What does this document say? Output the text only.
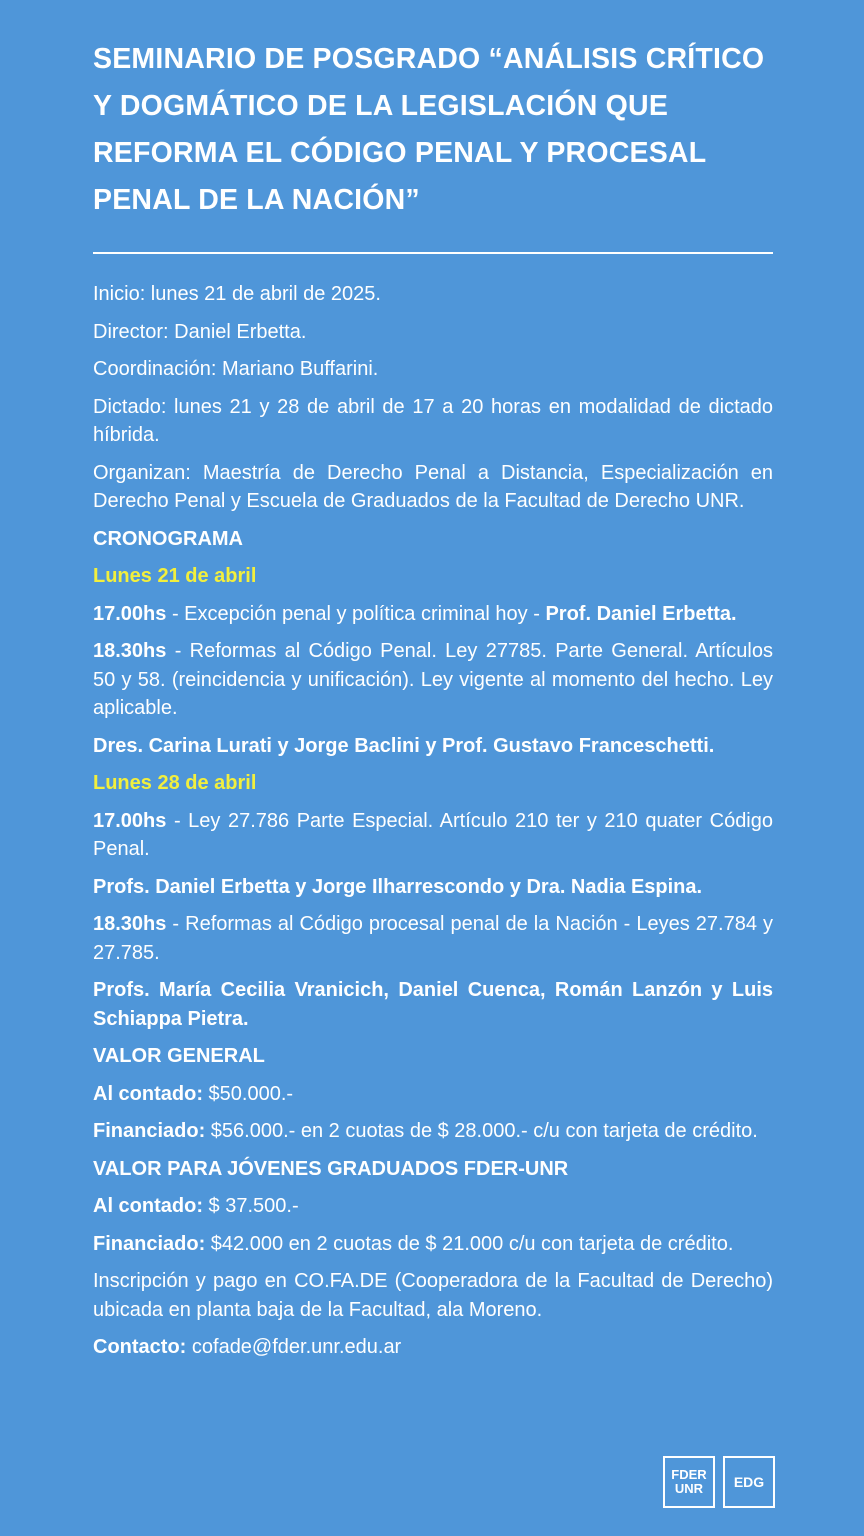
SEMINARIO DE POSGRADO “ANÁLISIS CRÍTICO Y DOGMÁTICO DE LA LEGISLACIÓN QUE REFORMA EL CÓDIGO PENAL Y PROCESAL PENAL DE LA NACIÓN”

Inicio: lunes 21 de abril de 2025.

Director: Daniel Erbetta.

Coordinación: Mariano Buffarini.

Dictado: lunes 21 y 28 de abril de 17 a 20 horas en modalidad de dictado híbrida.

Organizan: Maestría de Derecho Penal a Distancia, Especialización en Derecho Penal y Escuela de Graduados de la Facultad de Derecho UNR.

CRONOGRAMA

Lunes 21 de abril

17.00hs - Excepción penal y política criminal hoy - Prof. Daniel Erbetta.

18.30hs - Reformas al Código Penal. Ley 27785. Parte General. Artículos 50 y 58. (reincidencia y unificación). Ley vigente al momento del hecho. Ley aplicable.

Dres. Carina Lurati y Jorge Baclini y Prof. Gustavo Franceschetti.

Lunes 28 de abril

17.00hs - Ley 27.786 Parte Especial. Artículo 210 ter y 210 quater Código Penal.

Profs. Daniel Erbetta y Jorge Ilharrescondo y Dra. Nadia Espina.

18.30hs - Reformas al Código procesal penal de la Nación - Leyes 27.784 y 27.785.

Profs. María Cecilia Vranicich, Daniel Cuenca, Román Lanzón y Luis Schiappa Pietra.

VALOR GENERAL

Al contado: $50.000.-

Financiado: $56.000.- en 2 cuotas de $ 28.000.- c/u con tarjeta de crédito.

VALOR PARA JÓVENES GRADUADOS FDER-UNR

Al contado: $ 37.500.-

Financiado: $42.000 en 2 cuotas de $ 21.000 c/u con tarjeta de crédito.

Inscripción y pago en CO.FA.DE (Cooperadora de la Facultad de Derecho) ubicada en planta baja de la Facultad, ala Moreno.

Contacto: cofade@fder.unr.edu.ar

FDER
UNR EDG
